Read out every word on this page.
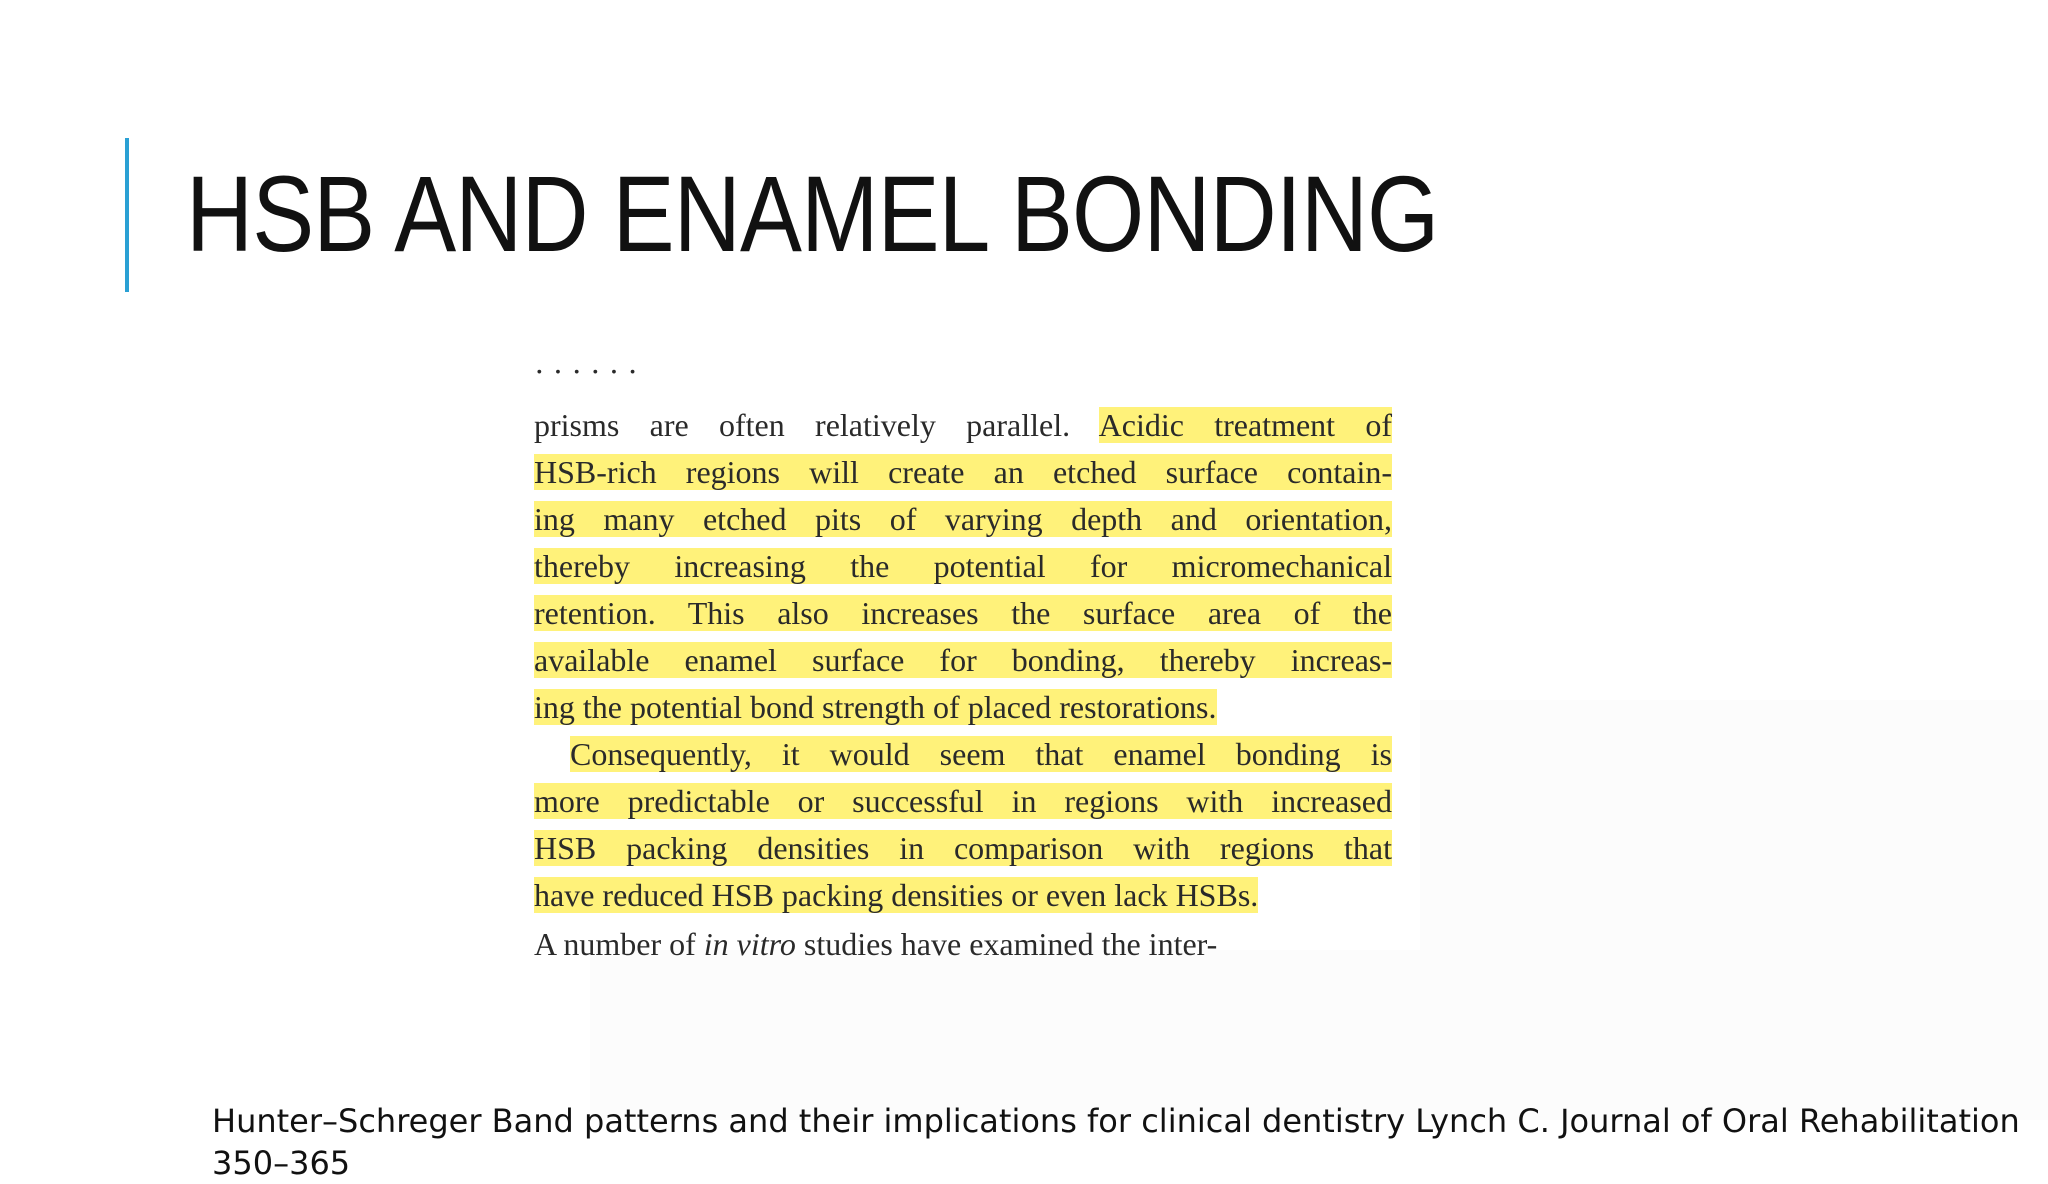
HSB AND ENAMEL BONDING
· · · · · ·
prisms are often relatively parallel. Acidic treatment of
HSB-rich regions will create an etched surface contain-
ing many etched pits of varying depth and orientation,
thereby increasing the potential for micromechanical
retention. This also increases the surface area of the
available enamel surface for bonding, thereby increas-
ing the potential bond strength of placed restorations.
Consequently, it would seem that enamel bonding is
more predictable or successful in regions with increased
HSB packing densities in comparison with regions that
have reduced HSB packing densities or even lack HSBs.
A number of in vitro studies have examined the inter-
Hunter–Schreger Band patterns and their implications for clinical dentistry Lynch C. Journal of Oral Rehabilitation
350–365
